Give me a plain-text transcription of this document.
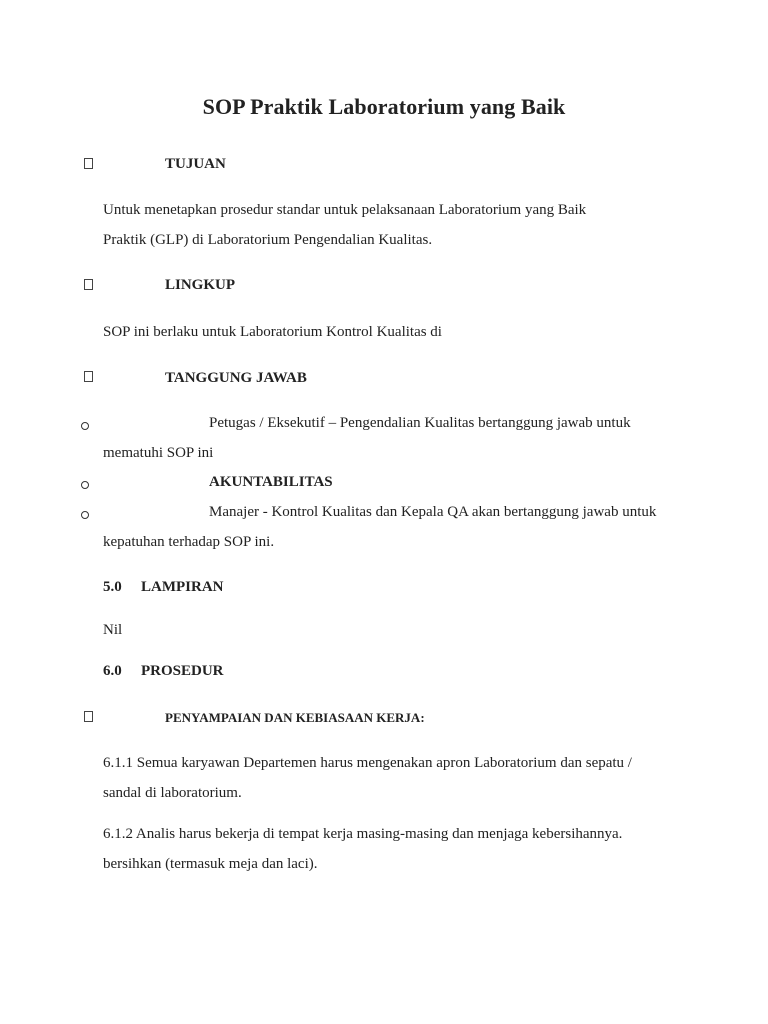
SOP Praktik Laboratorium yang Baik
TUJUAN
Untuk menetapkan prosedur standar untuk pelaksanaan Laboratorium yang Baik
Praktik (GLP) di Laboratorium Pengendalian Kualitas.
LINGKUP
SOP ini berlaku untuk Laboratorium Kontrol Kualitas di
TANGGUNG JAWAB
Petugas / Eksekutif – Pengendalian Kualitas bertanggung jawab untuk
mematuhi SOP ini
AKUNTABILITAS
Manajer - Kontrol Kualitas dan Kepala QA akan bertanggung jawab untuk
kepatuhan terhadap SOP ini.
5.0 LAMPIRAN
Nil
6.0 PROSEDUR
PENYAMPAIAN DAN KEBIASAAN KERJA:
6.1.1 Semua karyawan Departemen harus mengenakan apron Laboratorium dan sepatu /
sandal di laboratorium.
6.1.2 Analis harus bekerja di tempat kerja masing-masing dan menjaga kebersihannya.
bersihkan (termasuk meja dan laci).
